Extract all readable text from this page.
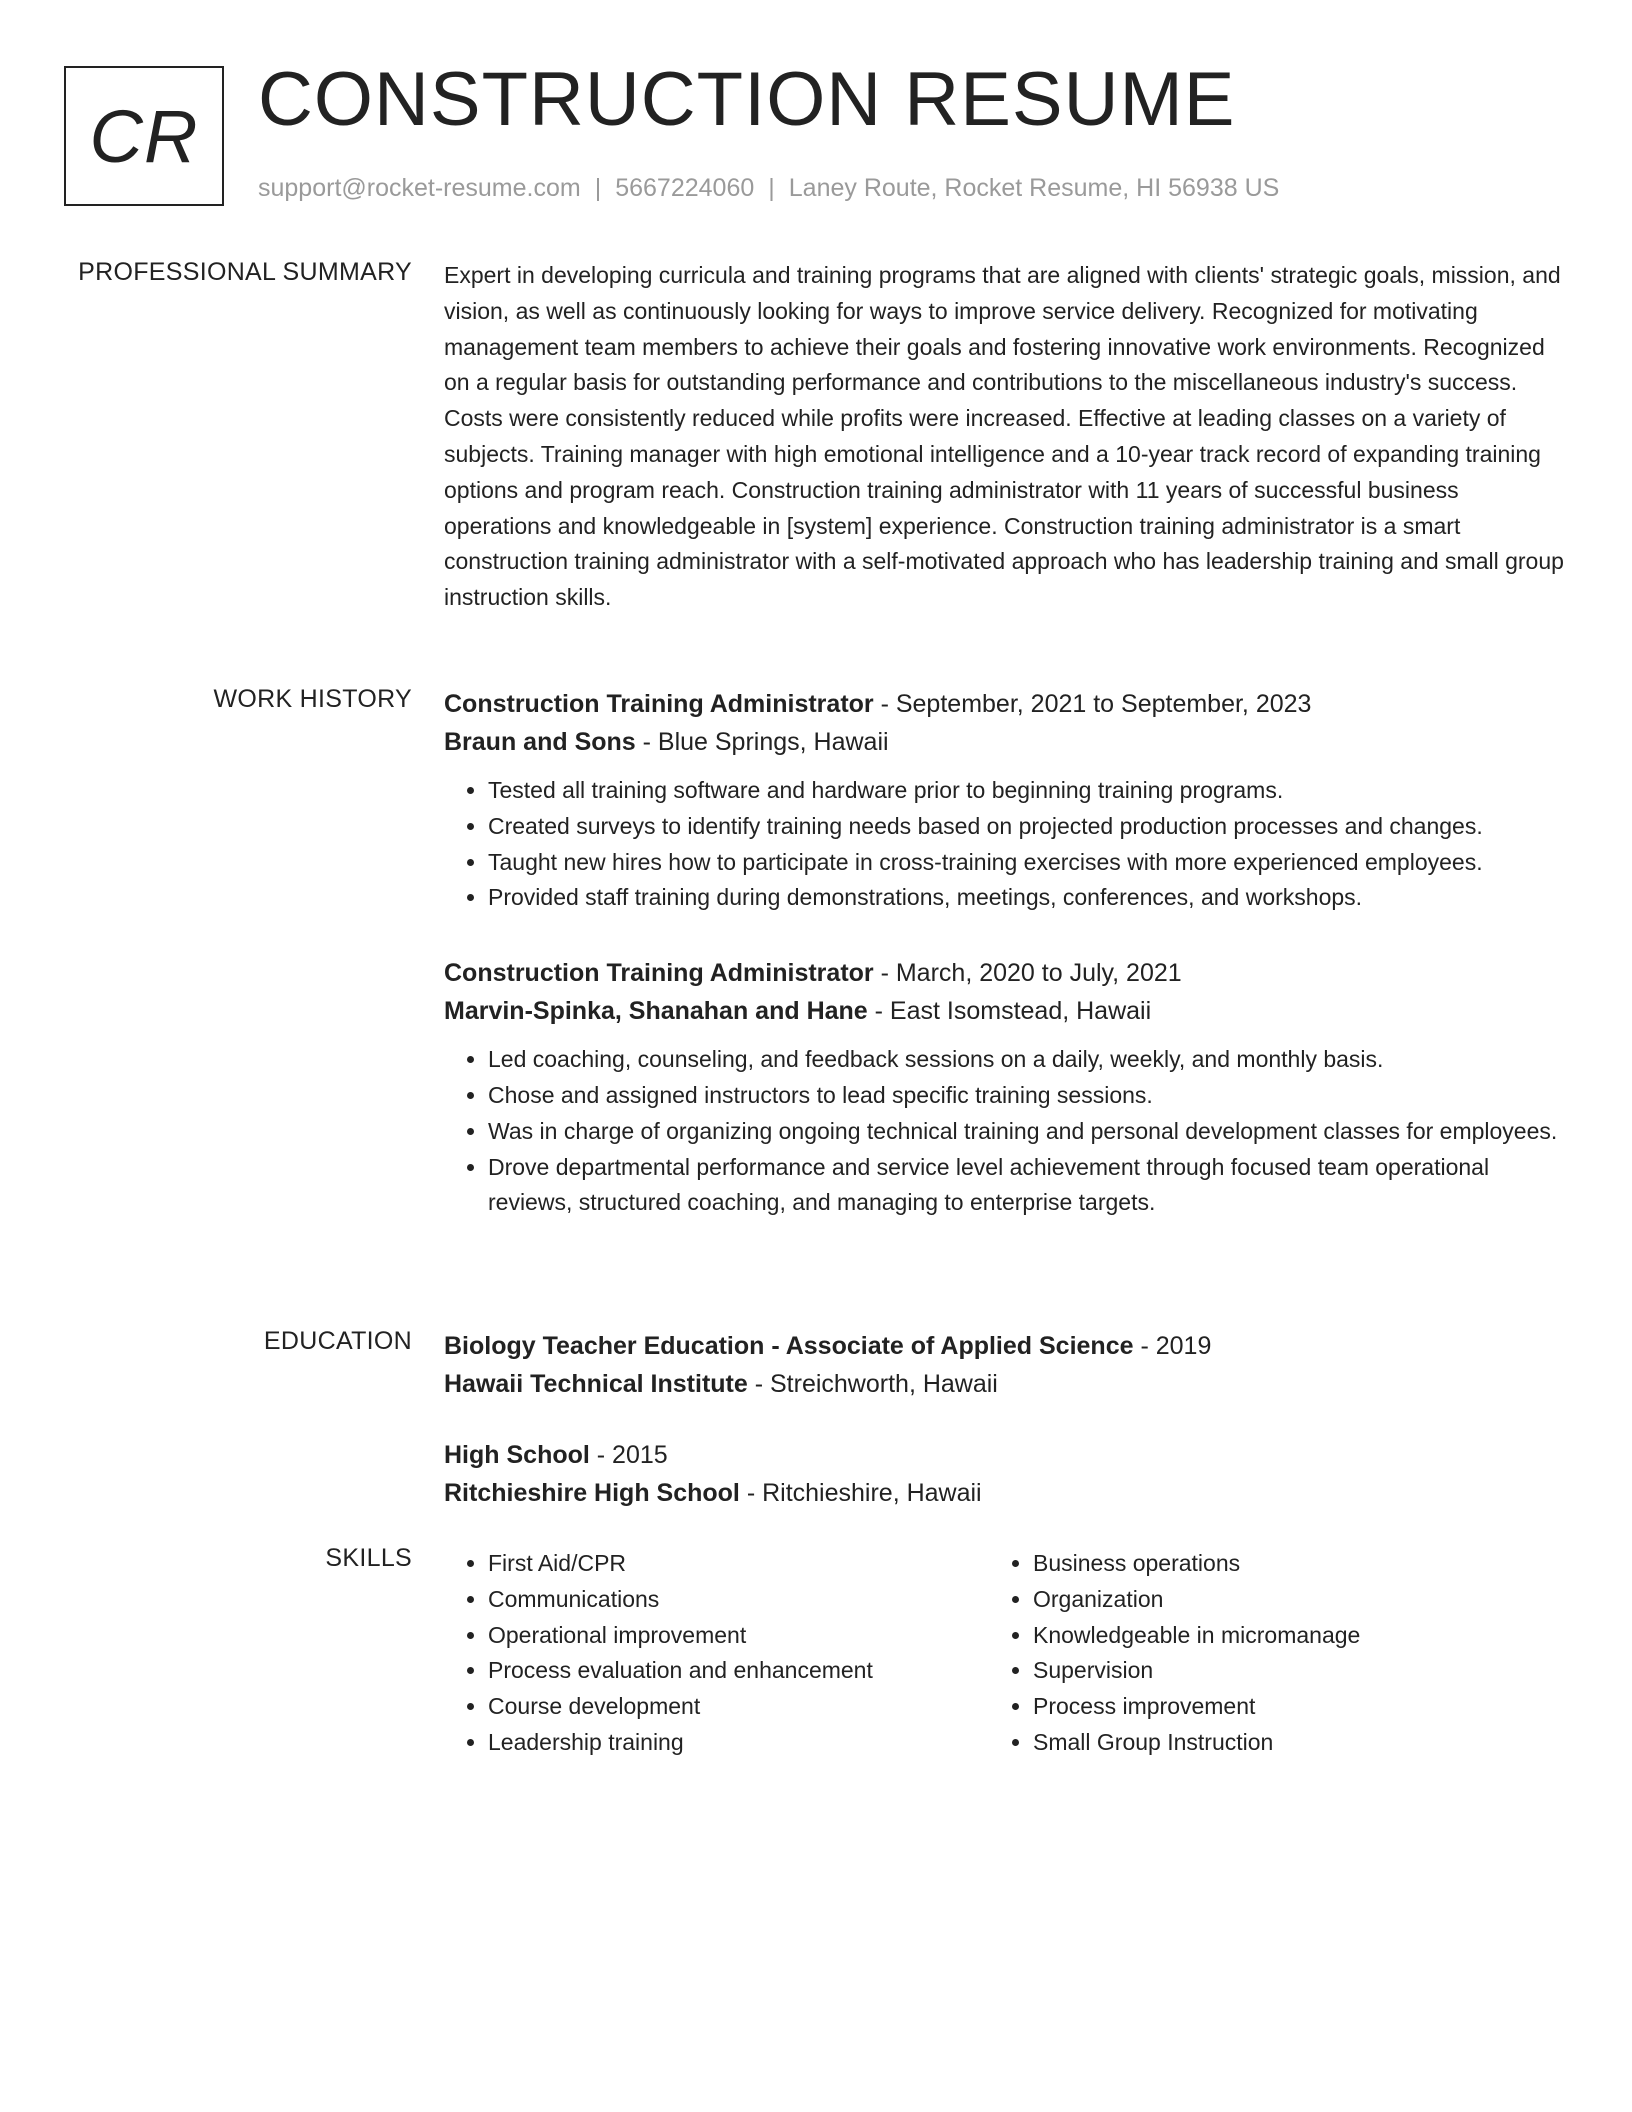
CR CONSTRUCTION RESUME
support@rocket-resume.com | 5667224060 | Laney Route, Rocket Resume, HI 56938 US
PROFESSIONAL SUMMARY Expert in developing curricula and training programs that are aligned with clients' strategic goals, mission, and vision, as well as continuously looking for ways to improve service delivery. Recognized for motivating management team members to achieve their goals and fostering innovative work environments. Recognized on a regular basis for outstanding performance and contributions to the miscellaneous industry's success. Costs were consistently reduced while profits were increased. Effective at leading classes on a variety of subjects. Training manager with high emotional intelligence and a 10-year track record of expanding training options and program reach. Construction training administrator with 11 years of successful business operations and knowledgeable in [system] experience. Construction training administrator is a smart construction training administrator with a self-motivated approach who has leadership training and small group instruction skills.

WORK HISTORY Construction Training Administrator - September, 2021 to September, 2023
Braun and Sons - Blue Springs, Hawaii
• Tested all training software and hardware prior to beginning training programs.
• Created surveys to identify training needs based on projected production processes and changes.
• Taught new hires how to participate in cross-training exercises with more experienced employees.
• Provided staff training during demonstrations, meetings, conferences, and workshops.
Construction Training Administrator - March, 2020 to July, 2021
Marvin-Spinka, Shanahan and Hane - East Isomstead, Hawaii
• Led coaching, counseling, and feedback sessions on a daily, weekly, and monthly basis.
• Chose and assigned instructors to lead specific training sessions.
• Was in charge of organizing ongoing technical training and personal development classes for employees.
• Drove departmental performance and service level achievement through focused team operational reviews, structured coaching, and managing to enterprise targets.
EDUCATION Biology Teacher Education - Associate of Applied Science - 2019
Hawaii Technical Institute - Streichworth, Hawaii
High School - 2015
Ritchieshire High School - Ritchieshire, Hawaii
SKILLS
•	First Aid/CPR
• Communications
• Operational improvement
• Process evaluation and enhancement
• Course development
• Leadership training
• Business operations
• Organization
• Knowledgeable in micromanage
• Supervision
• Process improvement
• Small Group Instruction
